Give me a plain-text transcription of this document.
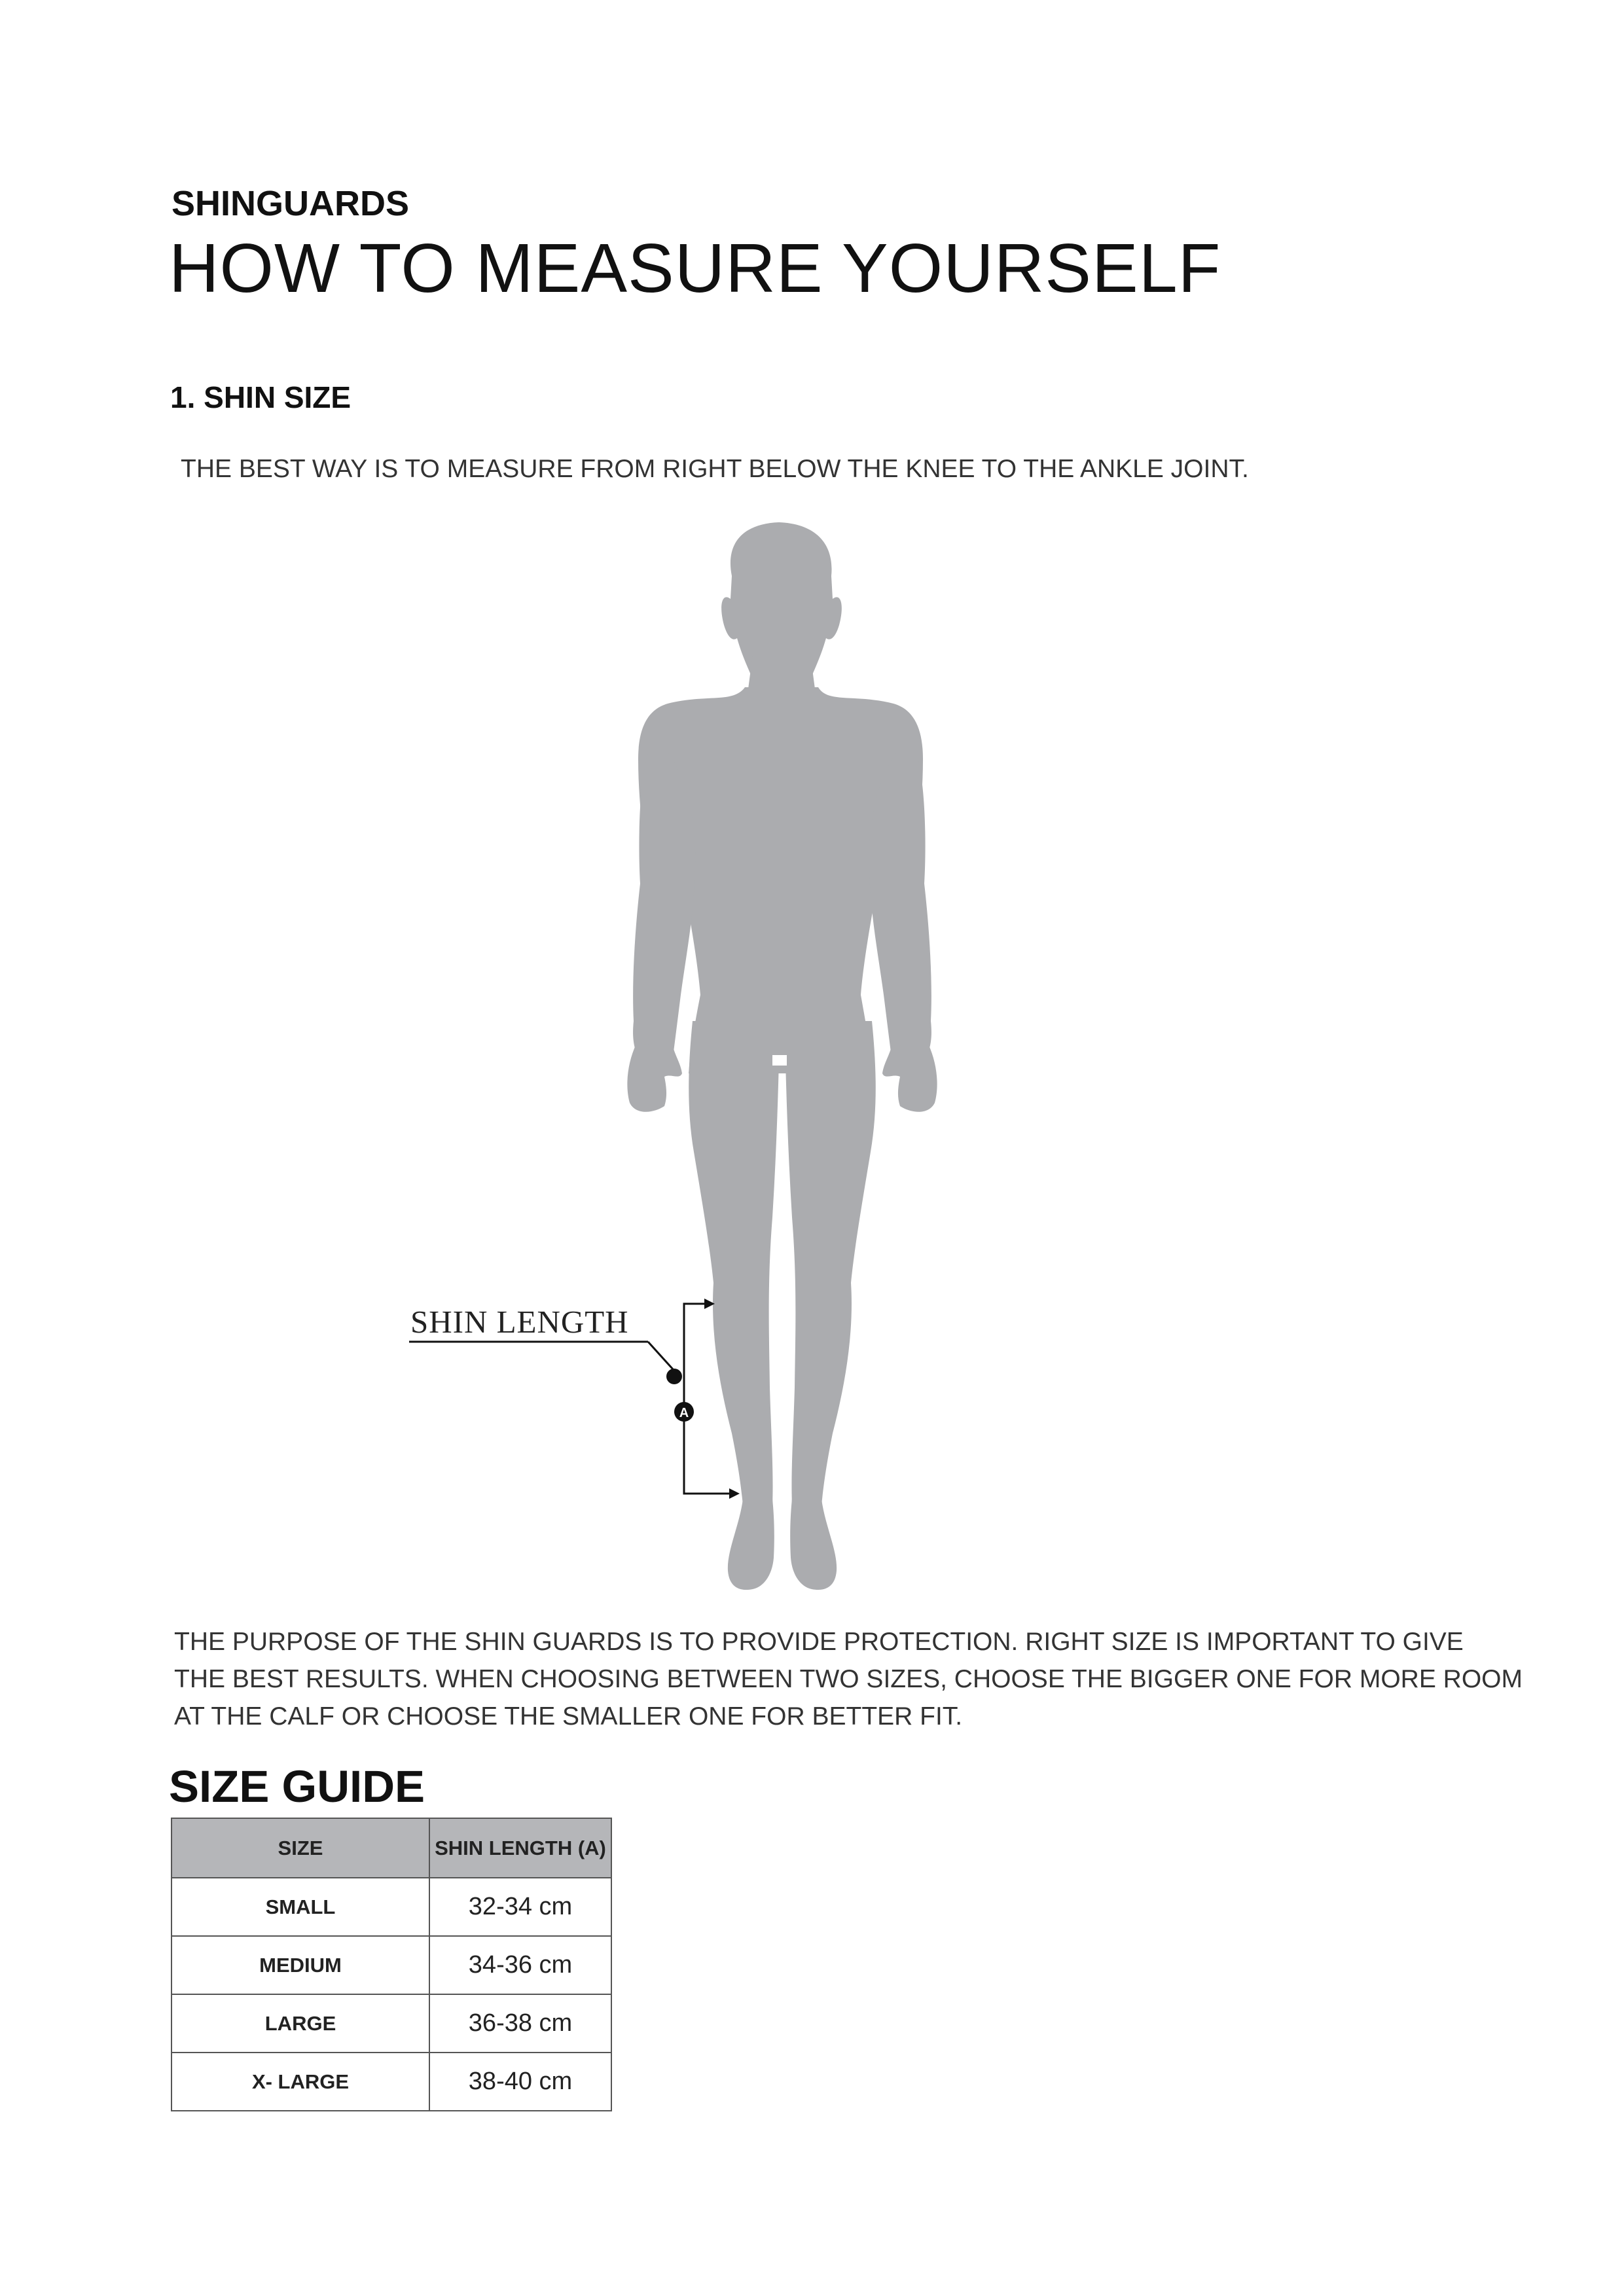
SHINGUARDS
HOW TO MEASURE YOURSELF
1. SHIN SIZE
THE BEST WAY IS TO MEASURE FROM RIGHT BELOW THE KNEE TO THE ANKLE JOINT.
A
SHIN LENGTH

THE PURPOSE OF THE SHIN GUARDS IS TO PROVIDE PROTECTION. RIGHT SIZE IS IMPORTANT TO GIVE

THE BEST RESULTS. WHEN CHOOSING BETWEEN TWO SIZES, CHOOSE THE BIGGER ONE FOR MORE ROOM

AT THE CALF OR CHOOSE THE SMALLER ONE FOR BETTER FIT.

SIZE GUIDE
SIZE	SHIN LENGTH (A)
SMALL	32-34 cm
MEDIUM	34-36 cm
LARGE	36-38 cm
X- LARGE	38-40 cm
